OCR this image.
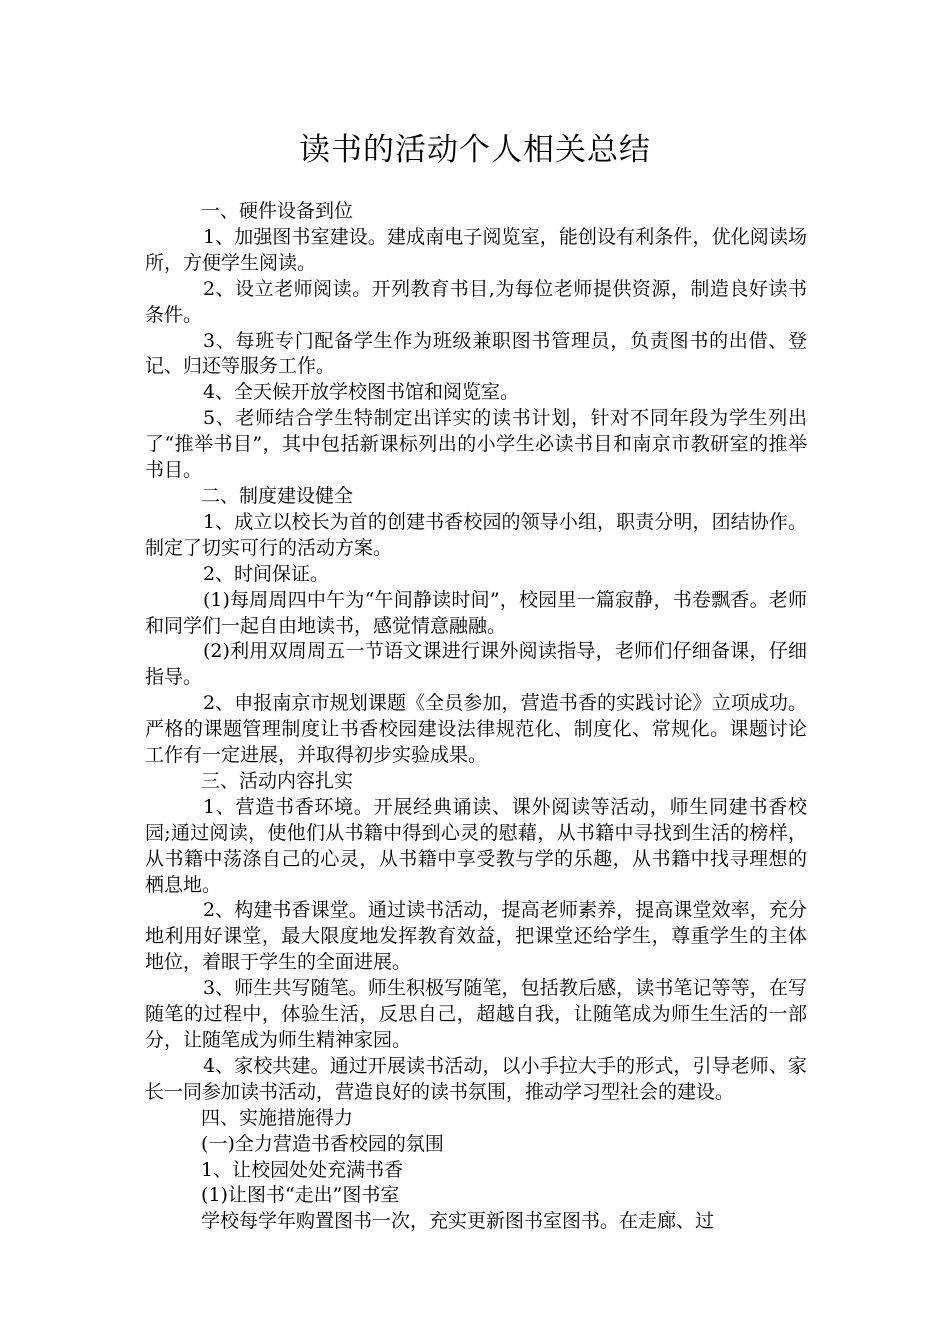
读书的活动个人相关总结

一、硬件设备到位

1、加强图书室建设。建成南电子阅览室，能创设有利条件，优化阅读场所，方便学生阅读。

2、设立老师阅读。开列教育书目,为每位老师提供资源，制造良好读书条件。

3、每班专门配备学生作为班级兼职图书管理员，负责图书的出借、登记、归还等服务工作。

4、全天候开放学校图书馆和阅览室。

5、老师结合学生特制定出详实的读书计划，针对不同年段为学生列出了“推举书目”，其中包括新课标列出的小学生必读书目和南京市教研室的推举书目。

二、制度建设健全

1、成立以校长为首的创建书香校园的领导小组，职责分明，团结协作。制定了切实可行的活动方案。

2、时间保证。

(1)每周周四中午为“午间静读时间”，校园里一篇寂静，书卷飘香。老师和同学们一起自由地读书，感觉情意融融。

(2)利用双周周五一节语文课进行课外阅读指导，老师们仔细备课，仔细指导。

2、申报南京市规划课题《全员参加，营造书香的实践讨论》立项成功。严格的课题管理制度让书香校园建设法律规范化、制度化、常规化。课题讨论工作有一定进展，并取得初步实验成果。

三、活动内容扎实

1、营造书香环境。开展经典诵读、课外阅读等活动，师生同建书香校园;通过阅读，使他们从书籍中得到心灵的慰藉，从书籍中寻找到生活的榜样，从书籍中荡涤自己的心灵，从书籍中享受教与学的乐趣，从书籍中找寻理想的栖息地。

2、构建书香课堂。通过读书活动，提高老师素养，提高课堂效率，充分地利用好课堂，最大限度地发挥教育效益，把课堂还给学生，尊重学生的主体地位，着眼于学生的全面进展。

3、师生共写随笔。师生积极写随笔，包括教后感，读书笔记等等，在写随笔的过程中，体验生活，反思自己，超越自我，让随笔成为师生生活的一部分，让随笔成为师生精神家园。

4、家校共建。通过开展读书活动，以小手拉大手的形式，引导老师、家长一同参加读书活动，营造良好的读书氛围，推动学习型社会的建设。

四、实施措施得力

(一)全力营造书香校园的氛围

1、让校园处处充满书香

(1)让图书“走出”图书室

学校每学年购置图书一次，充实更新图书室图书。在走廊、过
